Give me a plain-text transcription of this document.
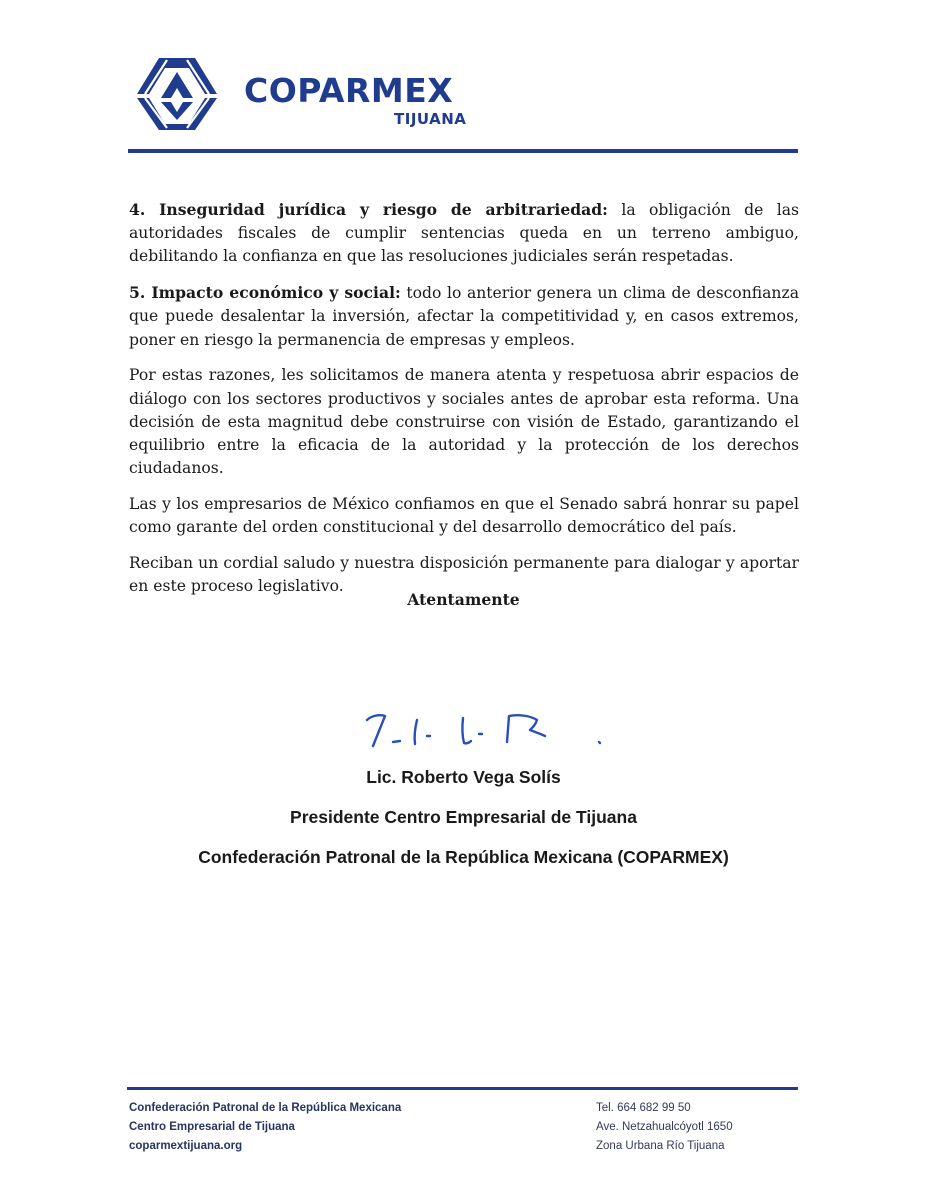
COPARMEX
TIJUANA

4. Inseguridad jurídica y riesgo de arbitrariedad: la obligación de las autoridades fiscales de cumplir sentencias queda en un terreno ambiguo, debilitando la confianza en que las resoluciones judiciales serán respetadas.

5. Impacto económico y social: todo lo anterior genera un clima de desconfianza que puede desalentar la inversión, afectar la competitividad y, en casos extremos, poner en riesgo la permanencia de empresas y empleos.

Por estas razones, les solicitamos de manera atenta y respetuosa abrir espacios de diálogo con los sectores productivos y sociales antes de aprobar esta reforma. Una decisión de esta magnitud debe construirse con visión de Estado, garantizando el equilibrio entre la eficacia de la autoridad y la protección de los derechos ciudadanos.

Las y los empresarios de México confiamos en que el Senado sabrá honrar su papel como garante del orden constitucional y del desarrollo democrático del país.

Reciban un cordial saludo y nuestra disposición permanente para dialogar y aportar en este proceso legislativo.

Atentamente
Lic. Roberto Vega Solís
Presidente Centro Empresarial de Tijuana
Confederación Patronal de la República Mexicana (COPARMEX)
Confederación Patronal de la República Mexicana
Centro Empresarial de Tijuana
coparmextijuana.org
Tel. 664 682 99 50
Ave. Netzahualcóyotl 1650
Zona Urbana Río Tijuana
